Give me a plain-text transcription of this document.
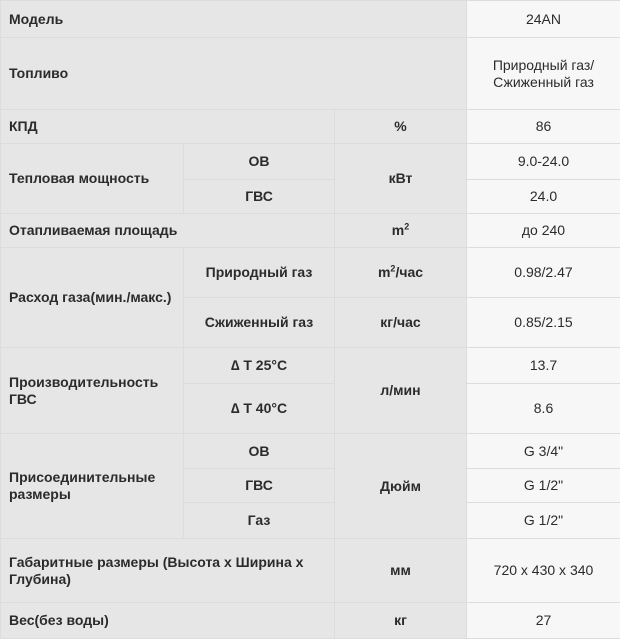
Модель			24AN
Топливо			Природный газ/Сжиженный газ
КПД		%	86
Тепловая мощность	ОВ	кВт	9.0-24.0
	ГВС		24.0
Отапливаемая площадь		$m^2$	до 240
Расход газа(мин./макс.)	Природный газ	$m^2$/час	0.98/2.47
	Сжиженный газ	кг/час	0.85/2.15
Производительность ГВС	∆ T 25°C	л/мин	13.7
	∆ T 40°C		8.6
Присоединительные размеры	ОВ	Дюйм	G 3/4"
	ГВС		G 1/2"
	Газ		G 1/2"
Габаритные размеры (Высота x Ширина x Глубина)		мм	720 x 430 x 340
Вес(без воды)		кг	27
